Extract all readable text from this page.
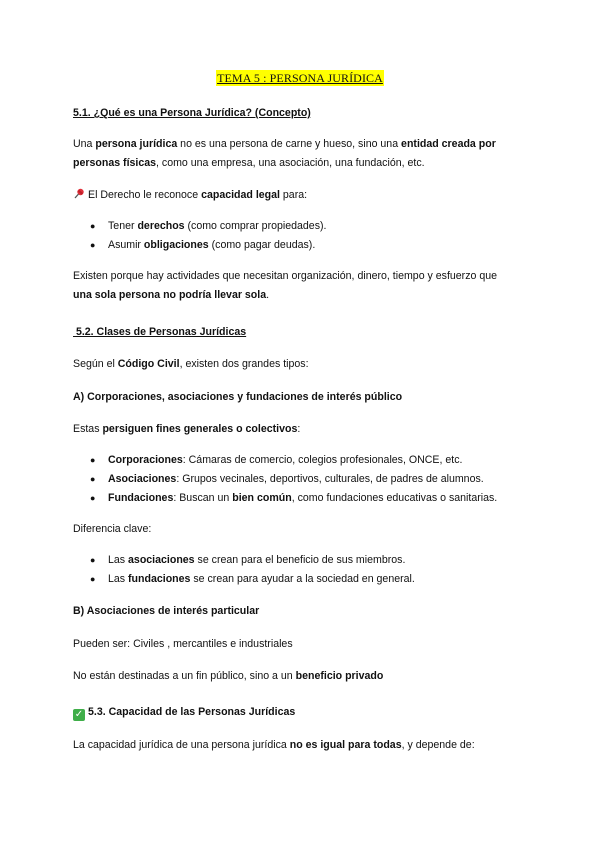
TEMA 5 : PERSONA JURÍDICA
5.1. ¿Qué es una Persona Jurídica? (Concepto)
Una persona jurídica no es una persona de carne y hueso, sino una entidad creada por
personas físicas, como una empresa, una asociación, una fundación, etc.
El Derecho le reconoce capacidad legal para:
● Tener derechos (como comprar propiedades).
● Asumir obligaciones (como pagar deudas).
Existen porque hay actividades que necesitan organización, dinero, tiempo y esfuerzo que
una sola persona no podría llevar sola.
5.2. Clases de Personas Jurídicas
Según el Código Civil, existen dos grandes tipos:
A) Corporaciones, asociaciones y fundaciones de interés público
Estas persiguen fines generales o colectivos:
● Corporaciones: Cámaras de comercio, colegios profesionales, ONCE, etc.
● Asociaciones: Grupos vecinales, deportivos, culturales, de padres de alumnos.
● Fundaciones: Buscan un bien común, como fundaciones educativas o sanitarias.
Diferencia clave:
● Las asociaciones se crean para el beneficio de sus miembros.
● Las fundaciones se crean para ayudar a la sociedad en general.
B) Asociaciones de interés particular
Pueden ser: Civiles , mercantiles e industriales
No están destinadas a un fin público, sino a un beneficio privado
✓ 5.3. Capacidad de las Personas Jurídicas
La capacidad jurídica de una persona jurídica no es igual para todas, y depende de:
